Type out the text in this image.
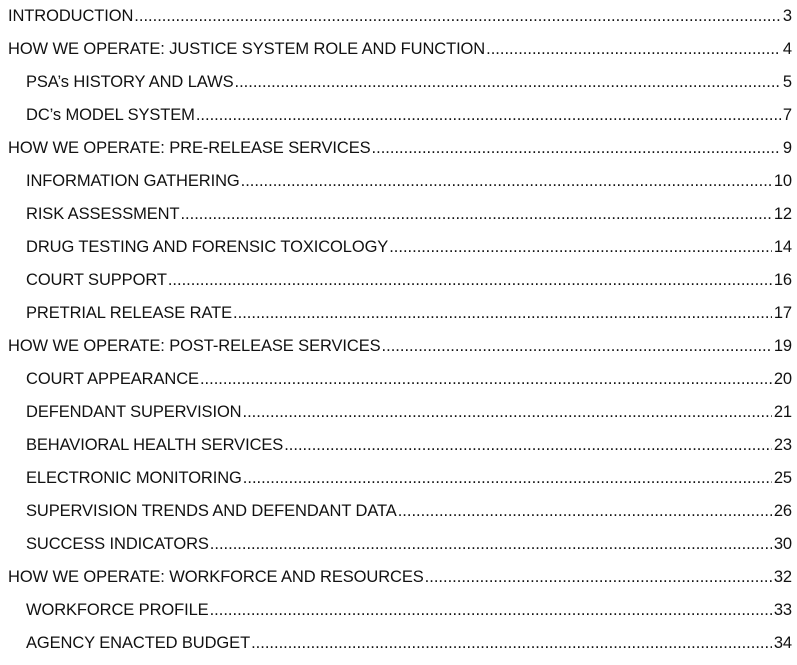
INTRODUCTION .....	3
HOW WE OPERATE: JUSTICE SYSTEM ROLE AND FUNCTION .....	4
PSA’s HISTORY AND LAWS .....	5
DC’s MODEL SYSTEM .....	7
HOW WE OPERATE: PRE-RELEASE SERVICES .....	9
INFORMATION GATHERING .....	10
RISK ASSESSMENT .....	12
DRUG TESTING AND FORENSIC TOXICOLOGY .....	14
COURT SUPPORT .....	16
PRETRIAL RELEASE RATE .....	17
HOW WE OPERATE: POST-RELEASE SERVICES .....	19
COURT APPEARANCE .....	20
DEFENDANT SUPERVISION .....	21
BEHAVIORAL HEALTH SERVICES .....	23
ELECTRONIC MONITORING .....	25
SUPERVISION TRENDS AND DEFENDANT DATA .....	26
SUCCESS INDICATORS .....	30
HOW WE OPERATE: WORKFORCE AND RESOURCES .....	32
WORKFORCE PROFILE .....	33
AGENCY ENACTED BUDGET .....	34
